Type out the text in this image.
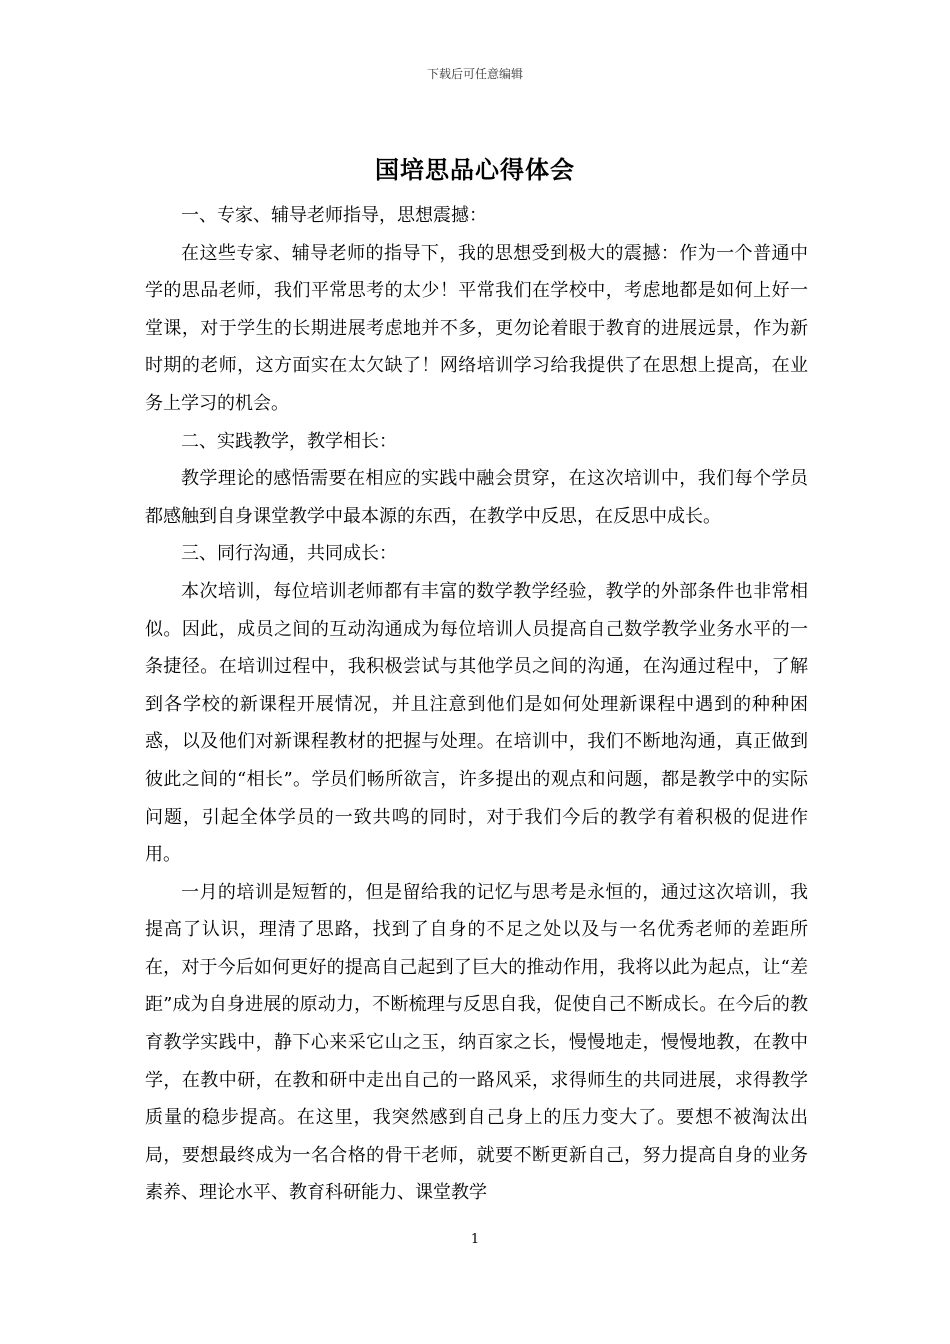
下载后可任意编辑
国培思品心得体会

一、专家、辅导老师指导，思想震撼：

在这些专家、辅导老师的指导下，我的思想受到极大的震撼：作为一个普通中学的思品老师，我们平常思考的太少！平常我们在学校中，考虑地都是如何上好一堂课，对于学生的长期进展考虑地并不多，更勿论着眼于教育的进展远景，作为新时期的老师，这方面实在太欠缺了！网络培训学习给我提供了在思想上提高，在业务上学习的机会。

二、实践教学，教学相长：

教学理论的感悟需要在相应的实践中融会贯穿，在这次培训中，我们每个学员都感触到自身课堂教学中最本源的东西，在教学中反思，在反思中成长。

三、同行沟通，共同成长：

本次培训，每位培训老师都有丰富的数学教学经验，教学的外部条件也非常相似。因此，成员之间的互动沟通成为每位培训人员提高自己数学教学业务水平的一条捷径。在培训过程中，我积极尝试与其他学员之间的沟通，在沟通过程中，了解到各学校的新课程开展情况，并且注意到他们是如何处理新课程中遇到的种种困惑，以及他们对新课程教材的把握与处理。在培训中，我们不断地沟通，真正做到彼此之间的“相长”。学员们畅所欲言，许多提出的观点和问题，都是教学中的实际问题，引起全体学员的一致共鸣的同时，对于我们今后的教学有着积极的促进作用。

一月的培训是短暂的，但是留给我的记忆与思考是永恒的，通过这次培训，我提高了认识，理清了思路，找到了自身的不足之处以及与一名优秀老师的差距所在，对于今后如何更好的提高自己起到了巨大的推动作用，我将以此为起点，让“差距”成为自身进展的原动力，不断梳理与反思自我，促使自己不断成长。在今后的教育教学实践中，静下心来采它山之玉，纳百家之长，慢慢地走，慢慢地教，在教中学，在教中研，在教和研中走出自己的一路风采，求得师生的共同进展，求得教学质量的稳步提高。在这里，我突然感到自己身上的压力变大了。要想不被淘汰出局，要想最终成为一名合格的骨干老师，就要不断更新自己，努力提高自身的业务素养、理论水平、教育科研能力、课堂教学

1
